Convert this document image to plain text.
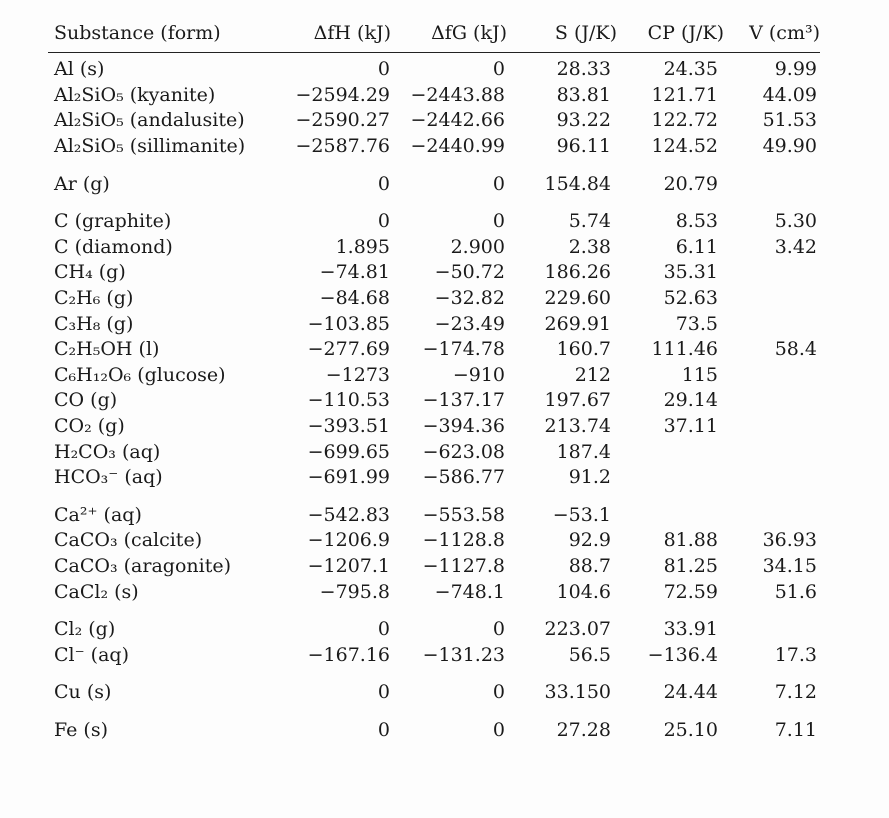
Substance (form)	ΔfH (kJ)	ΔfG (kJ)	S (J/K)	CP (J/K)	V (cm³)
Al (s)	0	0	28.33	24.35	9.99
Al₂SiO₅ (kyanite)	−2594.29	−2443.88	83.81	121.71	44.09
Al₂SiO₅ (andalusite)	−2590.27	−2442.66	93.22	122.72	51.53
Al₂SiO₅ (sillimanite)	−2587.76	−2440.99	96.11	124.52	49.90
Ar (g)	0	0	154.84	20.79	
C (graphite)	0	0	5.74	8.53	5.30
C (diamond)	1.895	2.900	2.38	6.11	3.42
CH₄ (g)	−74.81	−50.72	186.26	35.31	
C₂H₆ (g)	−84.68	−32.82	229.60	52.63	
C₃H₈ (g)	−103.85	−23.49	269.91	73.5	
C₂H₅OH (l)	−277.69	−174.78	160.7	111.46	58.4
C₆H₁₂O₆ (glucose)	−1273	−910	212	115	
CO (g)	−110.53	−137.17	197.67	29.14	
CO₂ (g)	−393.51	−394.36	213.74	37.11	
H₂CO₃ (aq)	−699.65	−623.08	187.4		
HCO₃⁻ (aq)	−691.99	−586.77	91.2		
Ca²⁺ (aq)	−542.83	−553.58	−53.1		
CaCO₃ (calcite)	−1206.9	−1128.8	92.9	81.88	36.93
CaCO₃ (aragonite)	−1207.1	−1127.8	88.7	81.25	34.15
CaCl₂ (s)	−795.8	−748.1	104.6	72.59	51.6
Cl₂ (g)	0	0	223.07	33.91	
Cl⁻ (aq)	−167.16	−131.23	56.5	−136.4	17.3
Cu (s)	0	0	33.150	24.44	7.12
Fe (s)	0	0	27.28	25.10	7.11
